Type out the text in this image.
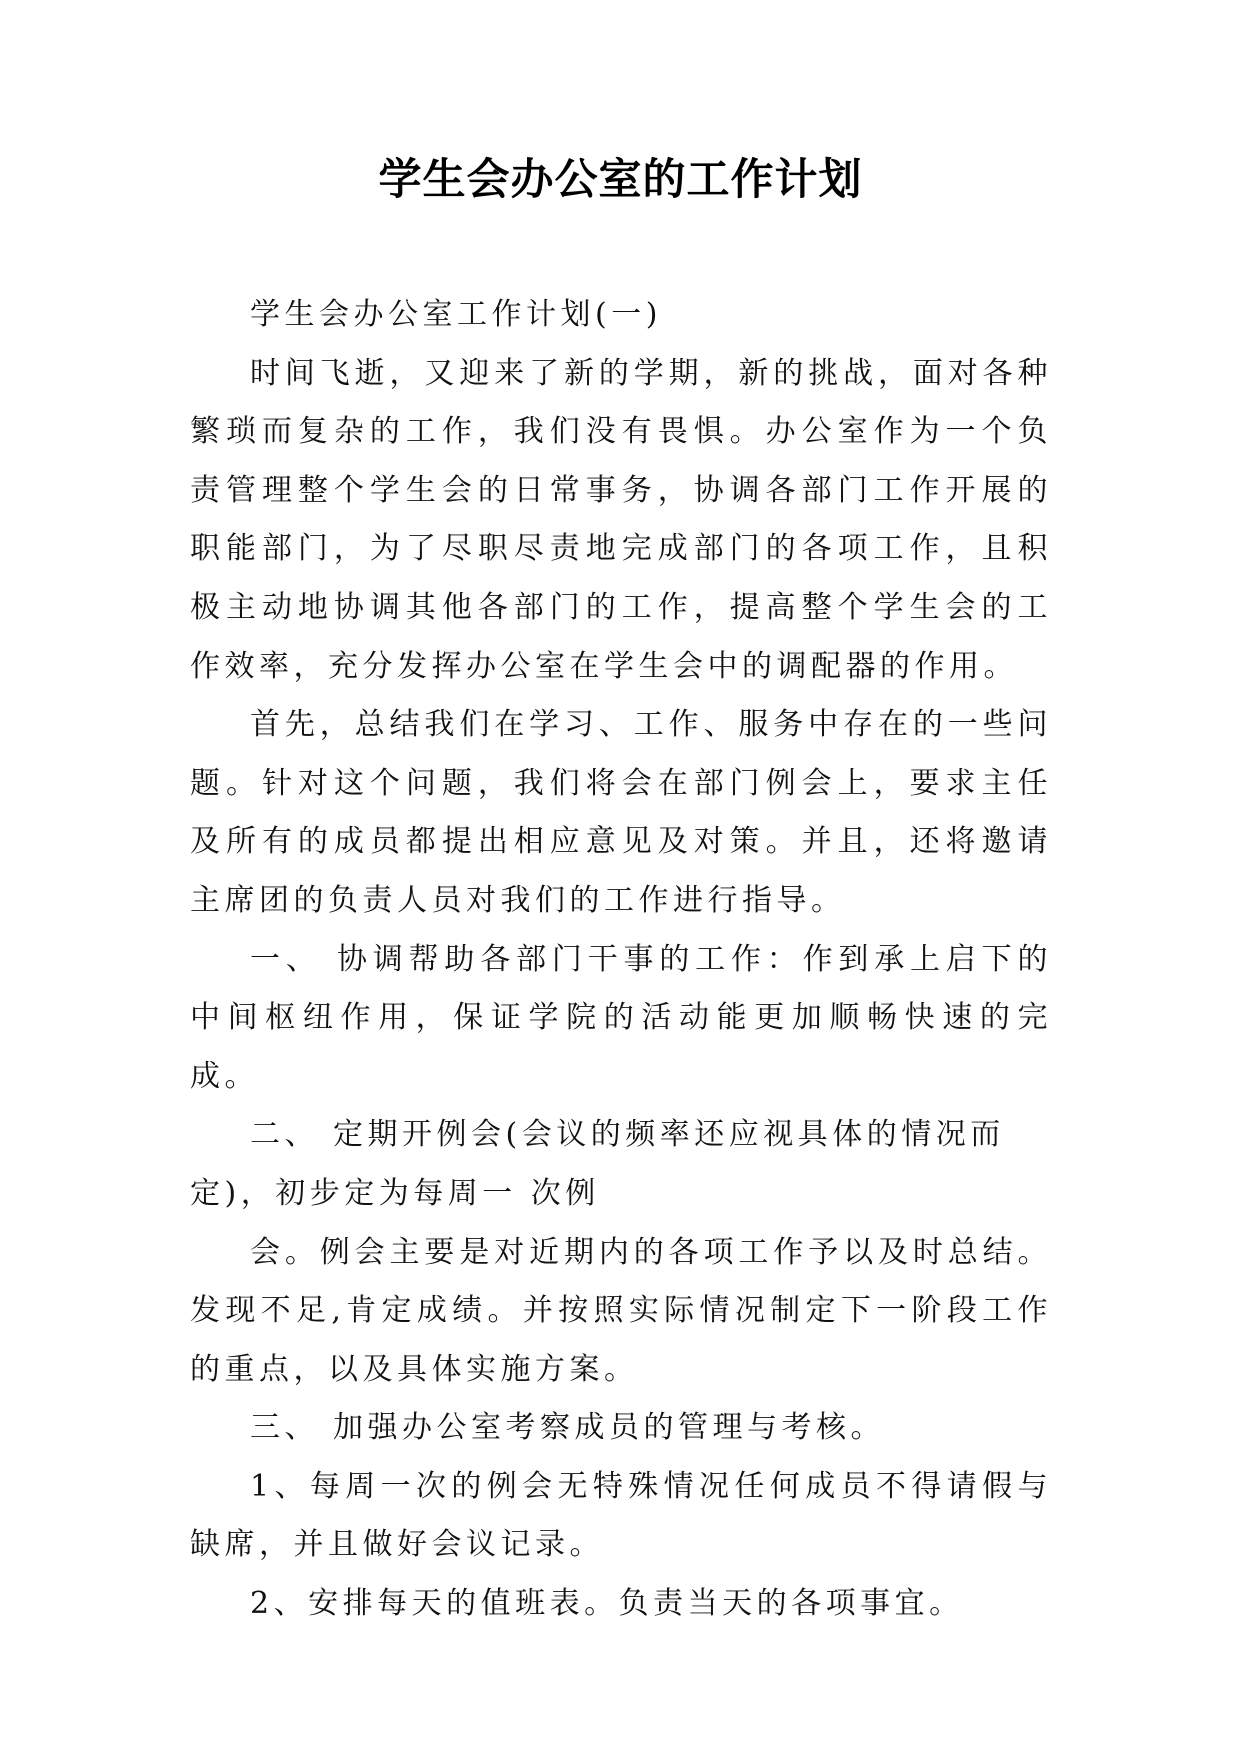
学生会办公室的工作计划

学生会办公室工作计划(一)

时间飞逝，又迎来了新的学期，新的挑战，面对各种繁琐而复杂的工作，我们没有畏惧。办公室作为一个负责管理整个学生会的日常事务，协调各部门工作开展的职能部门，为了尽职尽责地完成部门的各项工作，且积极主动地协调其他各部门的工作，提高整个学生会的工作效率，充分发挥办公室在学生会中的调配器的作用。

首先，总结我们在学习、工作、服务中存在的一些问题。针对这个问题，我们将会在部门例会上，要求主任及所有的成员都提出相应意见及对策。并且，还将邀请主席团的负责人员对我们的工作进行指导。

一、 协调帮助各部门干事的工作：作到承上启下的中间枢纽作用，保证学院的活动能更加顺畅快速的完成。

二、 定期开例会(会议的频率还应视具体的情况而定)，初步定为每周一 次例

会。例会主要是对近期内的各项工作予以及时总结。发现不足,肯定成绩。并按照实际情况制定下一阶段工作的重点，以及具体实施方案。

三、 加强办公室考察成员的管理与考核。

1、每周一次的例会无特殊情况任何成员不得请假与缺席，并且做好会议记录。

2、安排每天的值班表。负责当天的各项事宜。
